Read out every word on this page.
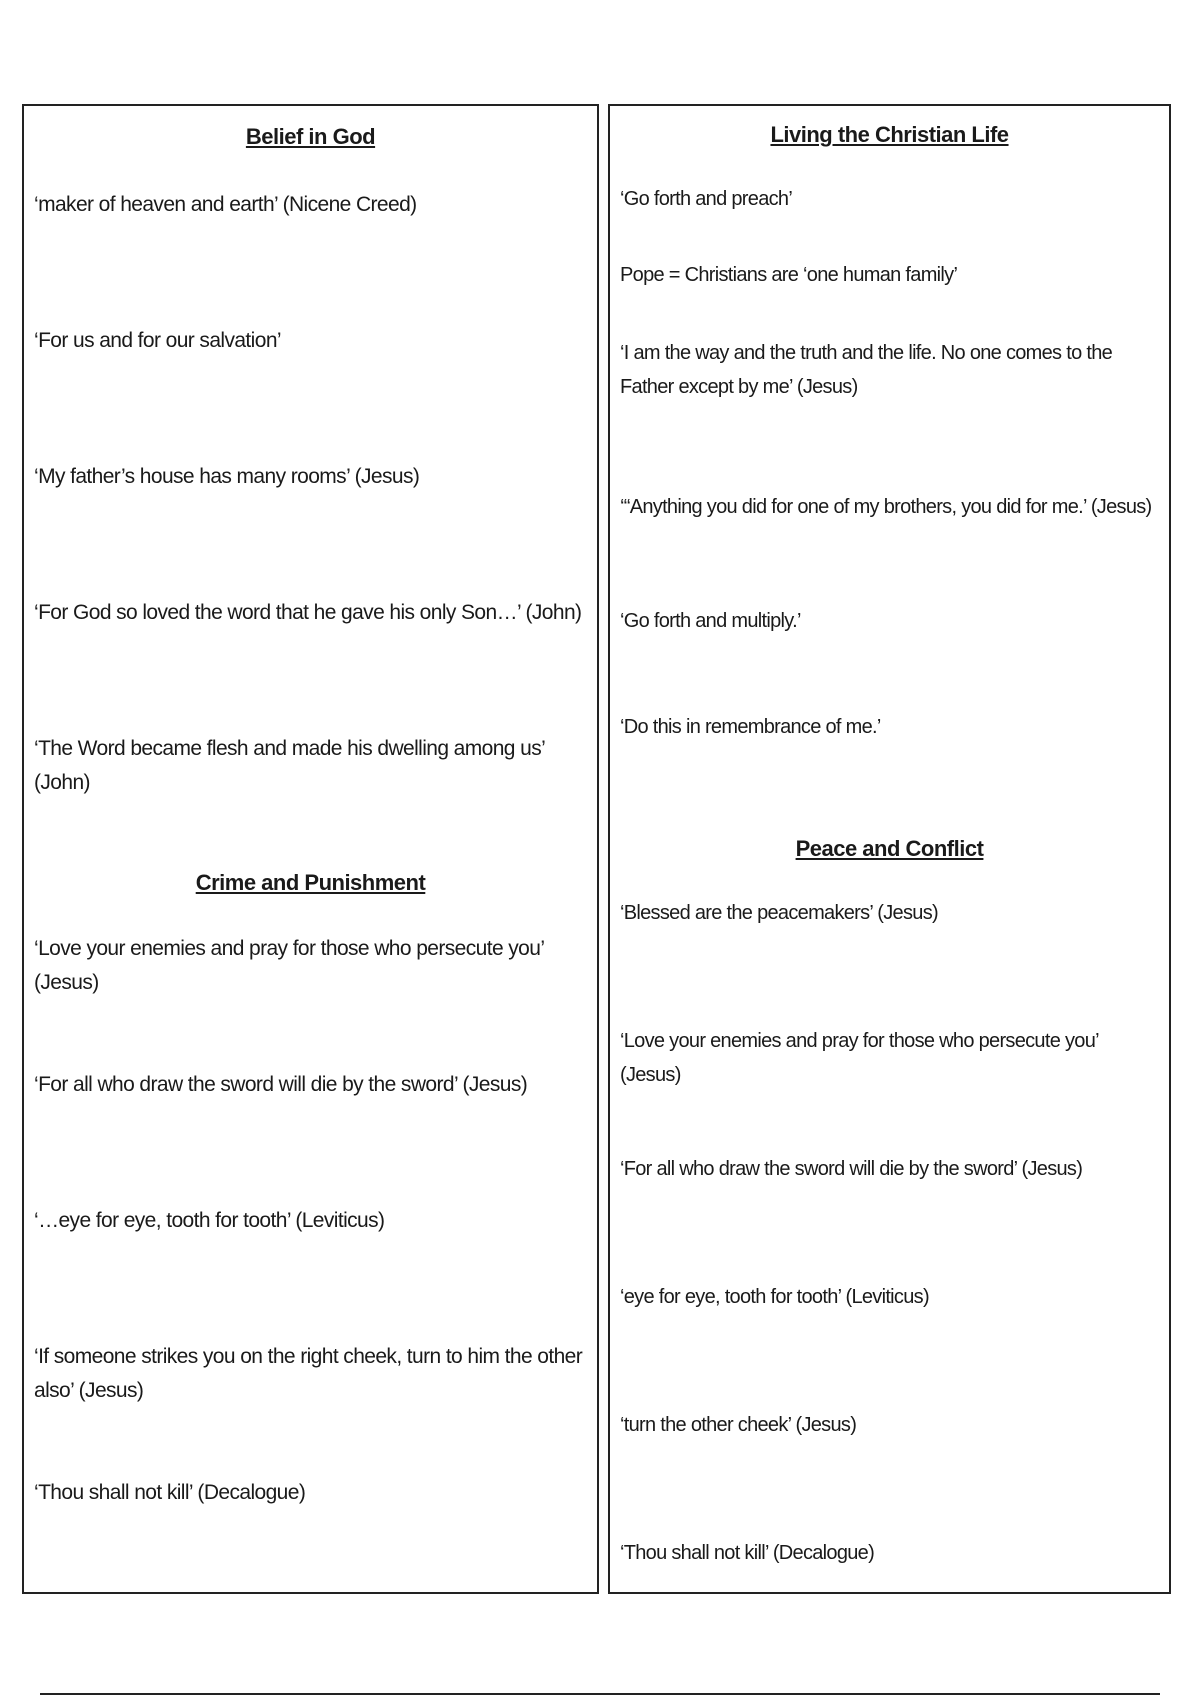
Belief in God
‘maker of heaven and earth’ (Nicene Creed)
‘For us and for our salvation’
‘My father’s house has many rooms’ (Jesus)
‘For God so loved the word that he gave his only Son…’ (John)
‘The Word became flesh and made his dwelling among us’ (John)
Crime and Punishment
‘Love your enemies and pray for those who persecute you’ (Jesus)
‘For all who draw the sword will die by the sword’ (Jesus)
‘…eye for eye, tooth for tooth’ (Leviticus)
‘If someone strikes you on the right cheek, turn to him the other also’ (Jesus)
‘Thou shall not kill’ (Decalogue)
Living the Christian Life
‘Go forth and preach’
Pope = Christians are ‘one human family’
‘I am the way and the truth and the life. No one comes to the Father except by me’ (Jesus)
‘“Anything you did for one of my brothers, you did for me.’ (Jesus)
‘Go forth and multiply.’
‘Do this in remembrance of me.’
Peace and Conflict
‘Blessed are the peacemakers’ (Jesus)
‘Love your enemies and pray for those who persecute you’ (Jesus)
‘For all who draw the sword will die by the sword’ (Jesus)
‘eye for eye, tooth for tooth’ (Leviticus)
‘turn the other cheek’ (Jesus)
‘Thou shall not kill’ (Decalogue)
